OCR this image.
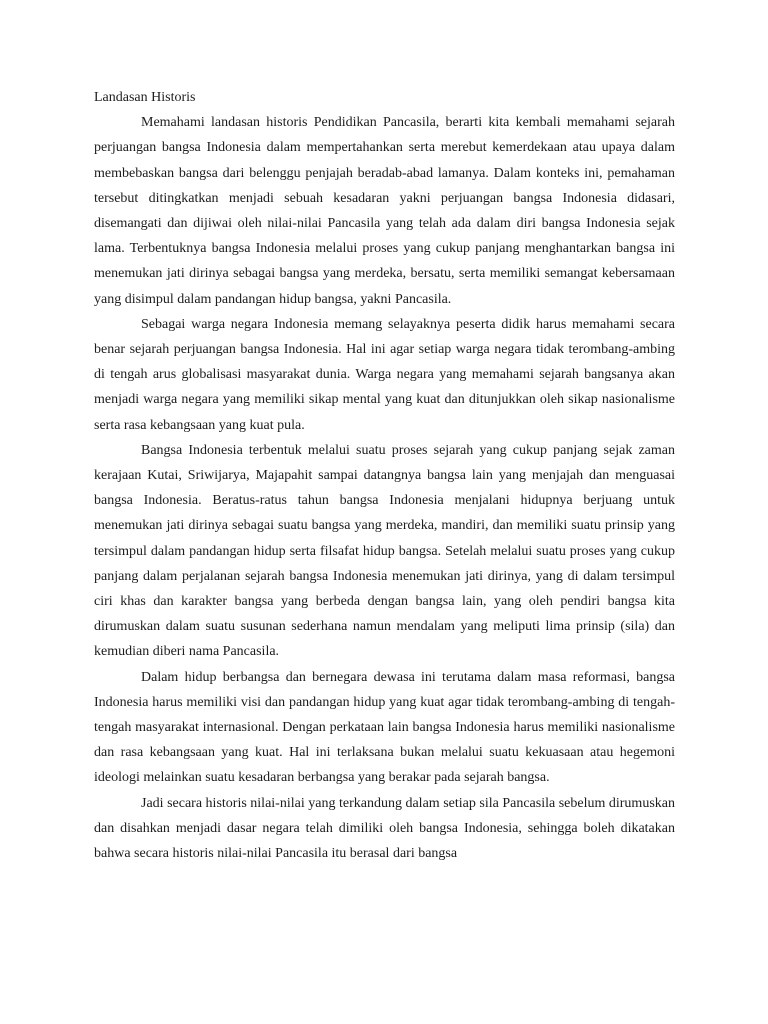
Landasan Historis

Memahami landasan historis Pendidikan Pancasila, berarti kita kembali memahami sejarah perjuangan bangsa Indonesia dalam mempertahankan serta merebut kemerdekaan atau upaya dalam membebaskan bangsa dari belenggu penjajah beradab-abad lamanya. Dalam konteks ini, pemahaman tersebut ditingkatkan menjadi sebuah kesadaran yakni perjuangan bangsa Indonesia didasari, disemangati dan dijiwai oleh nilai-nilai Pancasila yang telah ada dalam diri bangsa Indonesia sejak lama. Terbentuknya bangsa Indonesia melalui proses yang cukup panjang menghantarkan bangsa ini menemukan jati dirinya sebagai bangsa yang merdeka, bersatu, serta memiliki semangat kebersamaan yang disimpul dalam pandangan hidup bangsa, yakni Pancasila.

Sebagai warga negara Indonesia memang selayaknya peserta didik harus memahami secara benar sejarah perjuangan bangsa Indonesia. Hal ini agar setiap warga negara tidak terombang-ambing di tengah arus globalisasi masyarakat dunia. Warga negara yang memahami sejarah bangsanya akan menjadi warga negara yang memiliki sikap mental yang kuat dan ditunjukkan oleh sikap nasionalisme serta rasa kebangsaan yang kuat pula.

Bangsa Indonesia terbentuk melalui suatu proses sejarah yang cukup panjang sejak zaman kerajaan Kutai, Sriwijarya, Majapahit sampai datangnya bangsa lain yang menjajah dan menguasai bangsa Indonesia. Beratus-ratus tahun bangsa Indonesia menjalani hidupnya berjuang untuk menemukan jati dirinya sebagai suatu bangsa yang merdeka, mandiri, dan memiliki suatu prinsip yang tersimpul dalam pandangan hidup serta filsafat hidup bangsa. Setelah melalui suatu proses yang cukup panjang dalam perjalanan sejarah bangsa Indonesia menemukan jati dirinya, yang di dalam tersimpul ciri khas dan karakter bangsa yang berbeda dengan bangsa lain, yang oleh pendiri bangsa kita dirumuskan dalam suatu susunan sederhana namun mendalam yang meliputi lima prinsip (sila) dan kemudian diberi nama Pancasila.

Dalam hidup berbangsa dan bernegara dewasa ini terutama dalam masa reformasi, bangsa Indonesia harus memiliki visi dan pandangan hidup yang kuat agar tidak terombang-ambing di tengah-tengah masyarakat internasional. Dengan perkataan lain bangsa Indonesia harus memiliki nasionalisme dan rasa kebangsaan yang kuat. Hal ini terlaksana bukan melalui suatu kekuasaan atau hegemoni ideologi melainkan suatu kesadaran berbangsa yang berakar pada sejarah bangsa.

Jadi secara historis nilai-nilai yang terkandung dalam setiap sila Pancasila sebelum dirumuskan dan disahkan menjadi dasar negara telah dimiliki oleh bangsa Indonesia, sehingga boleh dikatakan bahwa secara historis nilai-nilai Pancasila itu berasal dari bangsa
